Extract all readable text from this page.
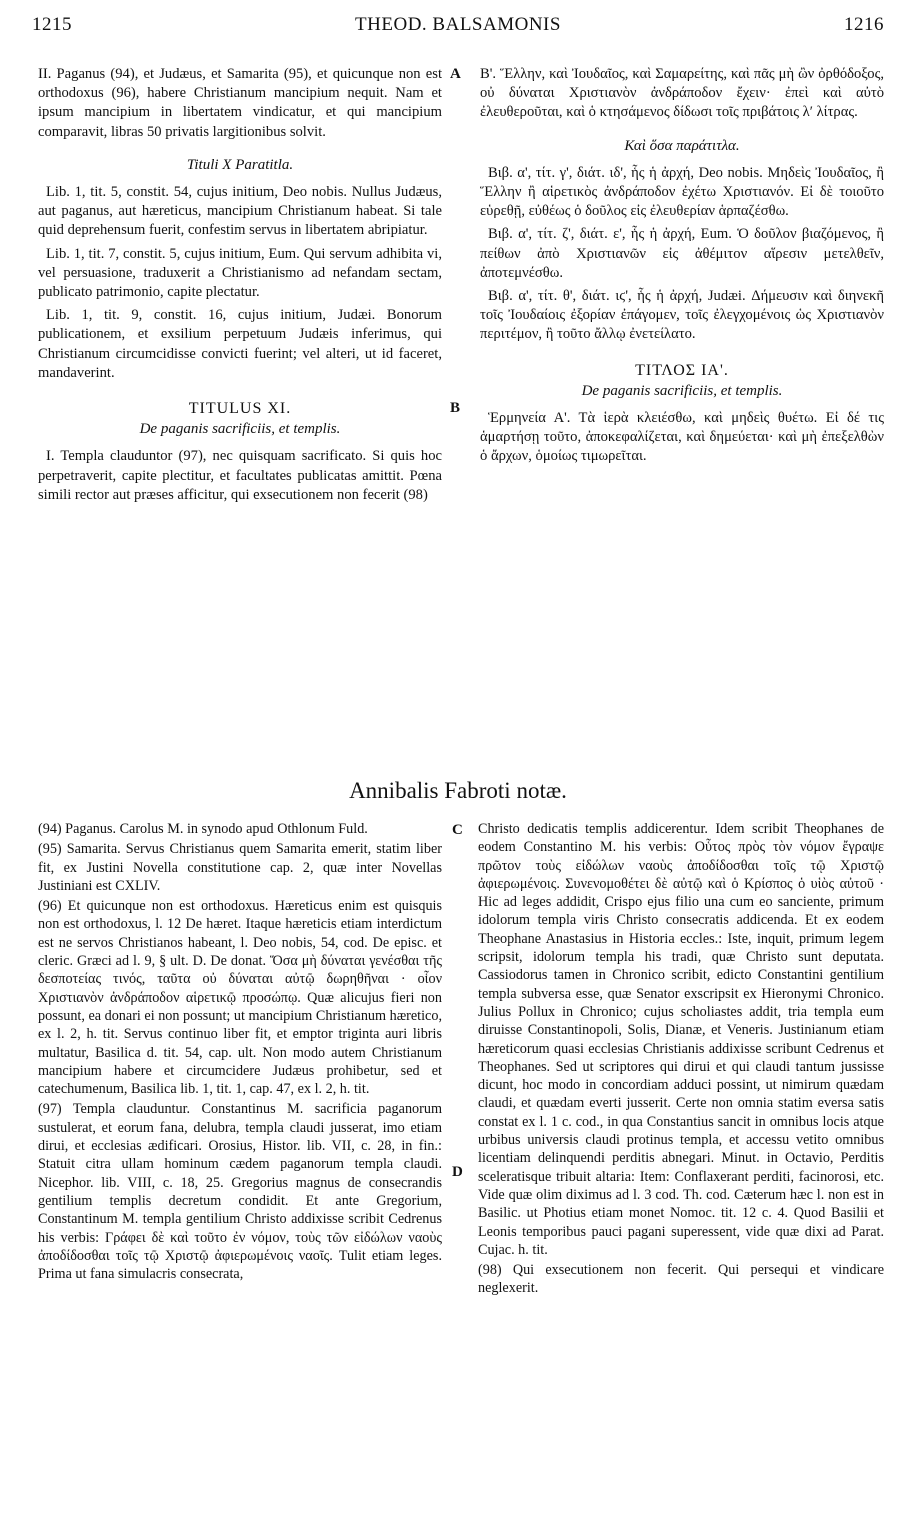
1215	THEOD. BALSAMONIS	1216
A
B
C
D

II. Paganus (94), et Judæus, et Samarita (95), et quicunque non est orthodoxus (96), habere Christianum mancipium nequit. Nam et ipsum mancipium in libertatem vindicatur, et qui mancipium comparavit, libras 50 privatis largitionibus solvit.

Tituli X Paratitla.

Lib. 1, tit. 5, constit. 54, cujus initium, Deo nobis. Nullus Judæus, aut paganus, aut hæreticus, mancipium Christianum habeat. Si tale quid deprehensum fuerit, confestim servus in libertatem abripiatur.

Lib. 1, tit. 7, constit. 5, cujus initium, Eum. Qui servum adhibita vi, vel persuasione, traduxerit a Christianismo ad nefandam sectam, publicato patrimonio, capite plectatur.

Lib. 1, tit. 9, constit. 16, cujus initium, Judæi. Bonorum publicationem, et exsilium perpetuum Judæis inferimus, qui Christianum circumcidisse convicti fuerint; vel alteri, ut id faceret, mandaverint.

TITULUS XI.

De paganis sacrificiis, et templis.

I. Templa clauduntor (97), nec quisquam sacrificato. Si quis hoc perpetraverit, capite plectitur, et facultates publicatas amittit. Pœna simili rector aut præses afficitur, qui exsecutionem non fecerit (98)

Β'. Ἕλλην, καὶ Ἰουδαῖος, καὶ Σαμαρείτης, καὶ πᾶς μὴ ὢν ὀρθόδοξος, οὐ δύναται Χριστιανὸν ἀνδράποδον ἔχειν· ἐπεὶ καὶ αὐτὸ ἐλευθεροῦται, καὶ ὁ κτησάμενος δίδωσι τοῖς πριβάτοις λʹ λίτρας.

Καὶ ὅσα παράτιτλα.

Βιβ. α', τίτ. γ', διάτ. ιδ', ἧς ἡ ἀρχή, Deo nobis. Μηδεὶς Ἰουδαῖος, ἢ Ἕλλην ἢ αἱρετικὸς ἀνδράποδον ἐχέτω Χριστιανόν. Εἰ δὲ τοιοῦτο εὑρεθῇ, εὐθέως ὁ δοῦλος εἰς ἐλευθερίαν ἁρπαζέσθω.

Βιβ. α', τίτ. ζ', διάτ. ε', ἧς ἡ ἀρχή, Eum. Ὁ δοῦλον βιαζόμενος, ἢ πείθων ἀπὸ Χριστιανῶν εἰς ἀθέμιτον αἵρεσιν μετελθεῖν, ἀποτεμνέσθω.

Βιβ. α', τίτ. θ', διάτ. ιϛ', ἧς ἡ ἀρχή, Judæi. Δήμευσιν καὶ διηνεκῆ τοῖς Ἰουδαίοις ἐξορίαν ἐπάγομεν, τοῖς ἐλεγχομένοις ὡς Χριστιανὸν περιτέμον, ἢ τοῦτο ἄλλῳ ἐνετείλατο.

ΤΙΤΛΟΣ ΙΑ'.

De paganis sacrificiis, et templis.

Ἑρμηνεία Α'. Τὰ ἱερὰ κλειέσθω, καὶ μηδεὶς θυέτω. Εἰ δέ τις ἁμαρτήσῃ τοῦτο, ἀποκεφαλίζεται, καὶ δημεύεται· καὶ μὴ ἐπεξελθὼν ὁ ἄρχων, ὁμοίως τιμωρεῖται.

Annibalis Fabroti notæ.

(94) Paganus. Carolus M. in synodo apud Othlonum Fuld.

(95) Samarita. Servus Christianus quem Samarita emerit, statim liber fit, ex Justini Novella constitutione cap. 2, quæ inter Novellas Justiniani est CXLIV.

(96) Et quicunque non est orthodoxus. Hæreticus enim est quisquis non est orthodoxus, l. 12 De hæret. Itaque hæreticis etiam interdictum est ne servos Christianos habeant, l. Deo nobis, 54, cod. De episc. et cleric. Græci ad l. 9, § ult. D. De donat. Ὅσα μὴ δύναται γενέσθαι τῆς δεσποτείας τινός, ταῦτα οὐ δύναται αὐτῷ δωρηθῆναι · οἷον Χριστιανὸν ἀνδράποδον αἱρετικῷ προσώπῳ. Quæ alicujus fieri non possunt, ea donari ei non possunt; ut mancipium Christianum hæretico, ex l. 2, h. tit. Servus continuo liber fit, et emptor triginta auri libris multatur, Basilica d. tit. 54, cap. ult. Non modo autem Christianum mancipium habere et circumcidere Judæus prohibetur, sed et catechumenum, Basilica lib. 1, tit. 1, cap. 47, ex l. 2, h. tit.

(97) Templa clauduntur. Constantinus M. sacrificia paganorum sustulerat, et eorum fana, delubra, templa claudi jusserat, imo etiam dirui, et ecclesias ædificari. Orosius, Histor. lib. VII, c. 28, in fin.: Statuit citra ullam hominum cædem paganorum templa claudi. Nicephor. lib. VIII, c. 18, 25. Gregorius magnus de consecrandis gentilium templis decretum condidit. Et ante Gregorium, Constantinum M. templa gentilium Christo addixisse scribit Cedrenus his verbis: Γράφει δὲ καὶ τοῦτο ἐν νόμον, τοὺς τῶν εἰδώλων ναοὺς ἀποδίδοσθαι τοῖς τῷ Χριστῷ ἀφιερωμένοις ναοῖς. Tulit etiam leges. Prima ut fana simulacris consecrata,

Christo dedicatis templis addicerentur. Idem scribit Theophanes de eodem Constantino M. his verbis: Οὗτος πρὸς τὸν νόμον ἔγραψε πρῶτον τοὺς εἰδώλων ναοὺς ἀποδίδοσθαι τοῖς τῷ Χριστῷ ἀφιερωμένοις. Συνενομοθέτει δὲ αὐτῷ καὶ ὁ Κρίσπος ὁ υἱὸς αὐτοῦ · Hic ad leges addidit, Crispo ejus filio una cum eo sanciente, primum idolorum templa viris Christo consecratis addicenda. Et ex eodem Theophane Anastasius in Historia eccles.: Iste, inquit, primum legem scripsit, idolorum templa his tradi, quæ Christo sunt deputata. Cassiodorus tamen in Chronico scribit, edicto Constantini gentilium templa subversa esse, quæ Senator exscripsit ex Hieronymi Chronico. Julius Pollux in Chronico; cujus scholiastes addit, tria templa eum diruisse Constantinopoli, Solis, Dianæ, et Veneris. Justinianum etiam hæreticorum quasi ecclesias Christianis addixisse scribunt Cedrenus et Theophanes. Sed ut scriptores qui dirui et qui claudi tantum jussisse dicunt, hoc modo in concordiam adduci possint, ut nimirum quædam claudi, et quædam everti jusserit. Certe non omnia statim eversa satis constat ex l. 1 c. cod., in qua Constantius sancit in omnibus locis atque urbibus universis claudi protinus templa, et accessu vetito omnibus licentiam delinquendi perditis abnegari. Minut. in Octavio, Perditis sceleratisque tribuit altaria: Item: Conflaxerant perditi, facinorosi, etc. Vide quæ olim diximus ad l. 3 cod. Th. cod. Cæterum hæc l. non est in Basilic. ut Photius etiam monet Nomoc. tit. 12 c. 4. Quod Basilii et Leonis temporibus pauci pagani superessent, vide quæ dixi ad Parat. Cujac. h. tit.

(98) Qui exsecutionem non fecerit. Qui persequi et vindicare neglexerit.
